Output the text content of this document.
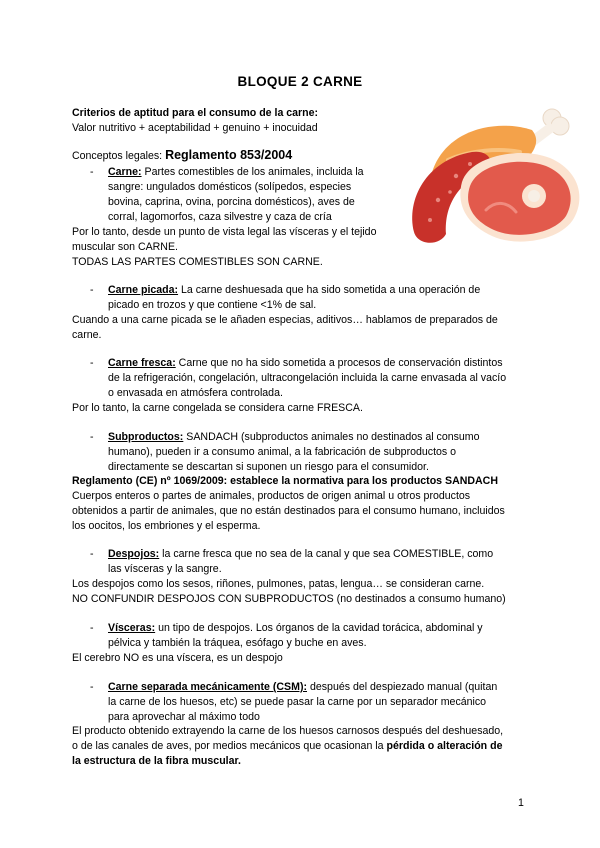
BLOQUE 2 CARNE
Criterios de aptitud para el consumo de la carne:
Valor nutritivo + aceptabilidad + genuino + inocuidad
Conceptos legales: Reglamento 853/2004
- Carne: Partes comestibles de los animales, incluida la
sangre: ungulados domésticos (solípedos, especies
bovina, caprina, ovina, porcina domésticos), aves de
corral, lagomorfos, caza silvestre y caza de cría
Por lo tanto, desde un punto de vista legal las vísceras y el tejido
muscular son CARNE.
TODAS LAS PARTES COMESTIBLES SON CARNE.
- Carne picada: La carne deshuesada que ha sido sometida a una operación de
picado en trozos y que contiene <1% de sal.
Cuando a una carne picada se le añaden especias, aditivos… hablamos de preparados de
carne.
- Carne fresca: Carne que no ha sido sometida a procesos de conservación distintos
de la refrigeración, congelación, ultracongelación incluida la carne envasada al vacío
o envasada en atmósfera controlada.
Por lo tanto, la carne congelada se considera carne FRESCA.
- Subproductos: SANDACH (subproductos animales no destinados al consumo
humano), pueden ir a consumo animal, a la fabricación de subproductos o
directamente se descartan si suponen un riesgo para el consumidor.
Reglamento (CE) nº 1069/2009: establece la normativa para los productos SANDACH
Cuerpos enteros o partes de animales, productos de origen animal u otros productos
obtenidos a partir de animales, que no están destinados para el consumo humano, incluidos
los oocitos, los embriones y el esperma.
- Despojos: la carne fresca que no sea de la canal y que sea COMESTIBLE, como
las vísceras y la sangre.
Los despojos como los sesos, riñones, pulmones, patas, lengua… se consideran carne.
NO CONFUNDIR DESPOJOS CON SUBPRODUCTOS (no destinados a consumo humano)
- Vísceras: un tipo de despojos. Los órganos de la cavidad torácica, abdominal y
pélvica y también la tráquea, esófago y buche en aves.
El cerebro NO es una víscera, es un despojo
- Carne separada mecánicamente (CSM): después del despiezado manual (quitan
la carne de los huesos, etc) se puede pasar la carne por un separador mecánico
para aprovechar al máximo todo
El producto obtenido extrayendo la carne de los huesos carnosos después del deshuesado,
o de las canales de aves, por medios mecánicos que ocasionan la pérdida o alteración de
la estructura de la fibra muscular.
1
